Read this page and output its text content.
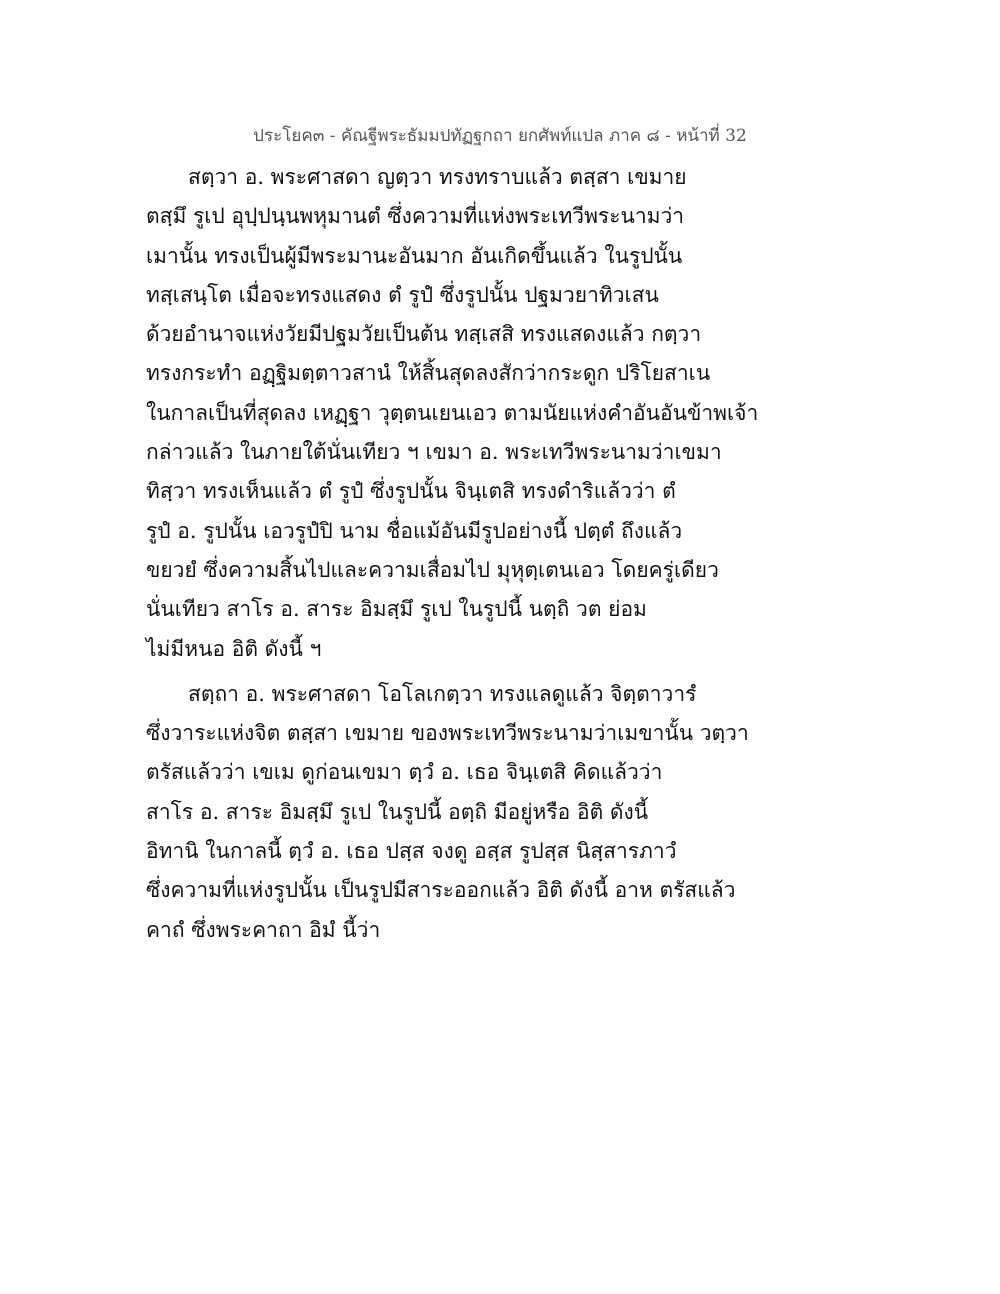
ประโยค๓ - คัณฐีพระธัมมปทัฏฐกถา ยกศัพท์แปล ภาค ๘ - หน้าที่ 32

สตฺวา อ. พระศาสดา ญตฺวา ทรงทราบแล้ว ตสฺสา เขมาย
ตสฺมึ รูเป อุปฺปนฺนพหุมานตํ ซึ่งความที่แห่งพระเทวีพระนามว่า
เมานั้น ทรงเป็นผู้มีพระมานะอันมาก อันเกิดขึ้นแล้ว ในรูปนั้น
ทสฺเสนฺโต เมื่อจะทรงแสดง ตํ รูปํ ซึ่งรูปนั้น ปฐมวยาทิวเสน
ด้วยอำนาจแห่งวัยมีปฐมวัยเป็นต้น ทสฺเสสิ ทรงแสดงแล้ว กตฺวา
ทรงกระทำ อฏฺฐิมตฺตาวสานํ ให้สิ้นสุดลงสักว่ากระดูก ปริโยสาเน
ในกาลเป็นที่สุดลง เหฏฺฐา วุตฺตนเยนเอว ตามนัยแห่งคำอันอันข้าพเจ้า
กล่าวแล้ว ในภายใต้นั่นเทียว ฯ เขมา อ. พระเทวีพระนามว่าเขมา
ทิสฺวา ทรงเห็นแล้ว ตํ รูปํ ซึ่งรูปนั้น จินฺเตสิ ทรงดำริแล้วว่า ตํ
รูปํ อ. รูปนั้น เอวรูปํปิ นาม ชื่อแม้อันมีรูปอย่างนี้ ปตฺตํ ถึงแล้ว
ขยวยํ ซึ่งความสิ้นไปและความเสื่อมไป มุหุตฺเตนเอว โดยครู่เดียว
นั่นเทียว สาโร อ. สาระ อิมสฺมึ รูเป ในรูปนี้ นตฺถิ วต ย่อม
ไม่มีหนอ อิติ ดังนี้ ฯ

สตฺถา อ. พระศาสดา โอโลเกตฺวา ทรงแลดูแล้ว จิตฺตาวารํ
ซึ่งวาระแห่งจิต ตสฺสา เขมาย ของพระเทวีพระนามว่าเมขานั้น วตฺวา
ตรัสแล้วว่า เขเม ดูก่อนเขมา ตฺวํ อ. เธอ จินฺเตสิ คิดแล้วว่า
สาโร อ. สาระ อิมสฺมึ รูเป ในรูปนี้ อตฺถิ มีอยู่หรือ อิติ ดังนี้
อิทานิ ในกาลนี้ ตฺวํ อ. เธอ ปสฺส จงดู อสฺส รูปสฺส นิสฺสารภาวํ
ซึ่งความที่แห่งรูปนั้น เป็นรูปมีสาระออกแล้ว อิติ ดังนี้ อาห ตรัสแล้ว
คาถํ ซึ่งพระคาถา อิมํ นี้ว่า
